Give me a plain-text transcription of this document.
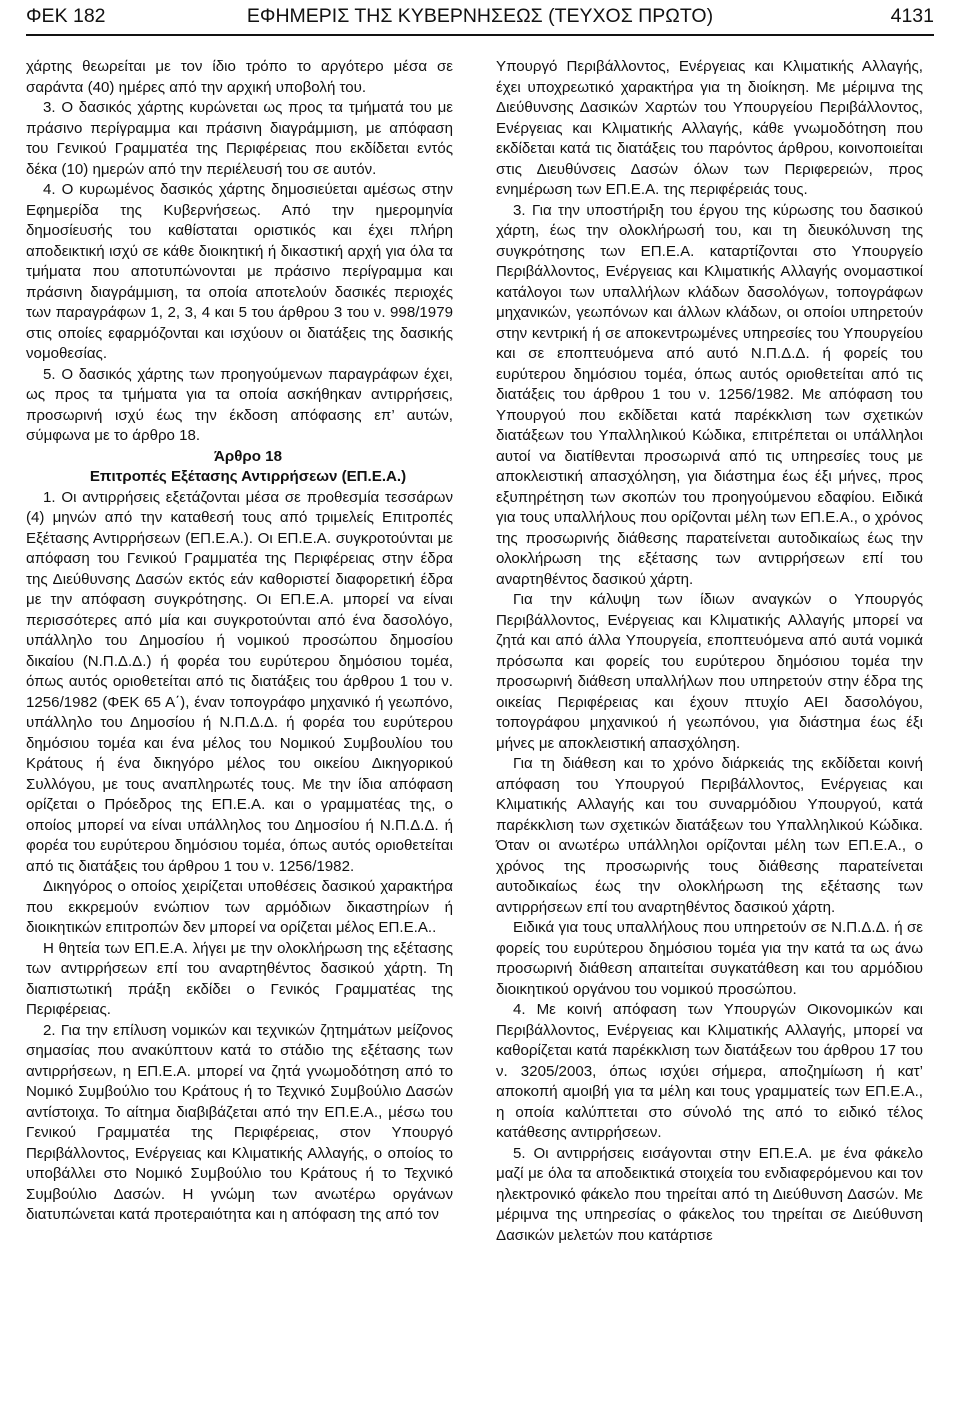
ΦΕΚ 182	ΕΦΗΜΕΡΙΣ ΤΗΣ ΚΥΒΕΡΝΗΣΕΩΣ (ΤΕΥΧΟΣ ΠΡΩΤΟ)	4131

χάρτης θεωρείται με τον ίδιο τρόπο το αργότερο μέσα σε σαράντα (40) ημέρες από την αρχική υποβολή του.

3. Ο δασικός χάρτης κυρώνεται ως προς τα τμήματά του με πράσινο περίγραμμα και πράσινη διαγράμμιση, με απόφαση του Γενικού Γραμματέα της Περιφέρειας που εκδίδεται εντός δέκα (10) ημερών από την περιέλευσή του σε αυτόν.

4. Ο κυρωμένος δασικός χάρτης δημοσιεύεται αμέσως στην Εφημερίδα της Κυβερνήσεως. Από την ημερομηνία δημοσίευσής του καθίσταται οριστικός και έχει πλήρη αποδεικτική ισχύ σε κάθε διοικητική ή δικαστική αρχή για όλα τα τμήματα που αποτυπώνονται με πράσινο περίγραμμα και πράσινη διαγράμμιση, τα οποία αποτελούν δασικές περιοχές των παραγράφων 1, 2, 3, 4 και 5 του άρθρου 3 του ν. 998/1979 στις οποίες εφαρμόζονται και ισχύουν οι διατάξεις της δασικής νομοθεσίας.

5. Ο δασικός χάρτης των προηγούμενων παραγράφων έχει, ως προς τα τμήματα για τα οποία ασκήθηκαν αντιρρήσεις, προσωρινή ισχύ έως την έκδοση απόφασης επ’ αυτών, σύμφωνα με το άρθρο 18.

Άρθρο 18

Επιτροπές Εξέτασης Αντιρρήσεων (ΕΠ.Ε.Α.)

1. Οι αντιρρήσεις εξετάζονται μέσα σε προθεσμία τεσσάρων (4) μηνών από την καταθεσή τους από τριμελείς Επιτροπές Εξέτασης Αντιρρήσεων (ΕΠ.Ε.Α.). Οι ΕΠ.Ε.Α. συγκροτούνται με απόφαση του Γενικού Γραμματέα της Περιφέρειας στην έδρα της Διεύθυνσης Δασών εκτός εάν καθοριστεί διαφορετική έδρα με την απόφαση συγκρότησης. Οι ΕΠ.Ε.Α. μπορεί να είναι περισσότερες από μία και συγκροτούνται από ένα δασολόγο, υπάλληλο του Δημοσίου ή νομικού προσώπου δημοσίου δικαίου (Ν.Π.Δ.Δ.) ή φορέα του ευρύτερου δημόσιου τομέα, όπως αυτός οριοθετείται από τις διατάξεις του άρθρου 1 του ν. 1256/1982 (ΦΕΚ 65 Α΄), έναν τοπογράφο μηχανικό ή γεωπόνο, υπάλληλο του Δημοσίου ή Ν.Π.Δ.Δ. ή φορέα του ευρύτερου δημόσιου τομέα και ένα μέλος του Νομικού Συμβουλίου του Κράτους ή ένα δικηγόρο μέλος του οικείου Δικηγορικού Συλλόγου, με τους αναπληρωτές τους. Με την ίδια απόφαση ορίζεται ο Πρόεδρος της ΕΠ.Ε.Α. και ο γραμματέας της, ο οποίος μπορεί να είναι υπάλληλος του Δημοσίου ή Ν.Π.Δ.Δ. ή φορέα του ευρύτερου δημόσιου τομέα, όπως αυτός οριοθετείται από τις διατάξεις του άρθρου 1 του ν. 1256/1982.

Δικηγόρος ο οποίος χειρίζεται υποθέσεις δασικού χαρακτήρα που εκκρεμούν ενώπιον των αρμόδιων δικαστηρίων ή διοικητικών επιτροπών δεν μπορεί να ορίζεται μέλος ΕΠ.Ε.Α..

Η θητεία των ΕΠ.Ε.Α. λήγει με την ολοκλήρωση της εξέτασης των αντιρρήσεων επί του αναρτηθέντος δασικού χάρτη. Τη διαπιστωτική πράξη εκδίδει ο Γενικός Γραμματέας της Περιφέρειας.

2. Για την επίλυση νομικών και τεχνικών ζητημάτων μείζονος σημασίας που ανακύπτουν κατά το στάδιο της εξέτασης των αντιρρήσεων, η ΕΠ.Ε.Α. μπορεί να ζητά γνωμοδότηση από το Νομικό Συμβούλιο του Κράτους ή το Τεχνικό Συμβούλιο Δασών αντίστοιχα. Το αίτημα διαβιβάζεται από την ΕΠ.Ε.Α., μέσω του Γενικού Γραμματέα της Περιφέρειας, στον Υπουργό Περιβάλλοντος, Ενέργειας και Κλιματικής Αλλαγής, ο οποίος το υποβάλλει στο Νομικό Συμβούλιο του Κράτους ή το Τεχνικό Συμβούλιο Δασών. Η γνώμη των ανωτέρω οργάνων διατυπώνεται κατά προτεραιότητα και η απόφαση της από τον

Υπουργό Περιβάλλοντος, Ενέργειας και Κλιματικής Αλλαγής, έχει υποχρεωτικό χαρακτήρα για τη διοίκηση. Με μέριμνα της Διεύθυνσης Δασικών Χαρτών του Υπουργείου Περιβάλλοντος, Ενέργειας και Κλιματικής Αλλαγής, κάθε γνωμοδότηση που εκδίδεται κατά τις διατάξεις του παρόντος άρθρου, κοινοποιείται στις Διευθύνσεις Δασών όλων των Περιφερειών, προς ενημέρωση των ΕΠ.Ε.Α. της περιφέρειάς τους.

3. Για την υποστήριξη του έργου της κύρωσης του δασικού χάρτη, έως την ολοκλήρωσή του, και τη διευκόλυνση της συγκρότησης των ΕΠ.Ε.Α. καταρτίζονται στο Υπουργείο Περιβάλλοντος, Ενέργειας και Κλιματικής Αλλαγής ονομαστικοί κατάλογοι των υπαλλήλων κλάδων δασολόγων, τοπογράφων μηχανικών, γεωπόνων και άλλων κλάδων, οι οποίοι υπηρετούν στην κεντρική ή σε αποκεντρωμένες υπηρεσίες του Υπουργείου και σε εποπτευόμενα από αυτό Ν.Π.Δ.Δ. ή φορείς του ευρύτερου δημόσιου τομέα, όπως αυτός οριοθετείται από τις διατάξεις του άρθρου 1 του ν. 1256/1982. Με απόφαση του Υπουργού που εκδίδεται κατά παρέκκλιση των σχετικών διατάξεων του Υπαλληλικού Κώδικα, επιτρέπεται οι υπάλληλοι αυτοί να διατίθενται προσωρινά από τις υπηρεσίες τους με αποκλειστική απασχόληση, για διάστημα έως έξι μήνες, προς εξυπηρέτηση των σκοπών του προηγούμενου εδαφίου. Ειδικά για τους υπαλλήλους που ορίζονται μέλη των ΕΠ.Ε.Α., ο χρόνος της προσωρινής διάθεσης παρατείνεται αυτοδικαίως έως την ολοκλήρωση της εξέτασης των αντιρρήσεων επί του αναρτηθέντος δασικού χάρτη.

Για την κάλυψη των ίδιων αναγκών ο Υπουργός Περιβάλλοντος, Ενέργειας και Κλιματικής Αλλαγής μπορεί να ζητά και από άλλα Υπουργεία, εποπτευόμενα από αυτά νομικά πρόσωπα και φορείς του ευρύτερου δημόσιου τομέα την προσωρινή διάθεση υπαλλήλων που υπηρετούν στην έδρα της οικείας Περιφέρειας και έχουν πτυχίο ΑΕΙ δασολόγου, τοπογράφου μηχανικού ή γεωπόνου, για διάστημα έως έξι μήνες με αποκλειστική απασχόληση.

Για τη διάθεση και το χρόνο διάρκειάς της εκδίδεται κοινή απόφαση του Υπουργού Περιβάλλοντος, Ενέργειας και Κλιματικής Αλλαγής και του συναρμόδιου Υπουργού, κατά παρέκκλιση των σχετικών διατάξεων του Υπαλληλικού Κώδικα. Όταν οι ανωτέρω υπάλληλοι ορίζονται μέλη των ΕΠ.Ε.Α., ο χρόνος της προσωρινής τους διάθεσης παρατείνεται αυτοδικαίως έως την ολοκλήρωση της εξέτασης των αντιρρήσεων επί του αναρτηθέντος δασικού χάρτη.

Ειδικά για τους υπαλλήλους που υπηρετούν σε Ν.Π.Δ.Δ. ή σε φορείς του ευρύτερου δημόσιου τομέα για την κατά τα ως άνω προσωρινή διάθεση απαιτείται συγκατάθεση και του αρμόδιου διοικητικού οργάνου του νομικού προσώπου.

4. Με κοινή απόφαση των Υπουργών Οικονομικών και Περιβάλλοντος, Ενέργειας και Κλιματικής Αλλαγής, μπορεί να καθορίζεται κατά παρέκκλιση των διατάξεων του άρθρου 17 του ν. 3205/2003, όπως ισχύει σήμερα, αποζημίωση ή κατ’ αποκοπή αμοιβή για τα μέλη και τους γραμματείς των ΕΠ.Ε.Α., η οποία καλύπτεται στο σύνολό της από το ειδικό τέλος κατάθεσης αντιρρήσεων.

5. Οι αντιρρήσεις εισάγονται στην ΕΠ.Ε.Α. με ένα φάκελο μαζί με όλα τα αποδεικτικά στοιχεία του ενδιαφερόμενου και τον ηλεκτρονικό φάκελο που τηρείται από τη Διεύθυνση Δασών. Με μέριμνα της υπηρεσίας ο φάκελος του τηρείται σε Διεύθυνση Δασικών μελετών που κατάρτισε
